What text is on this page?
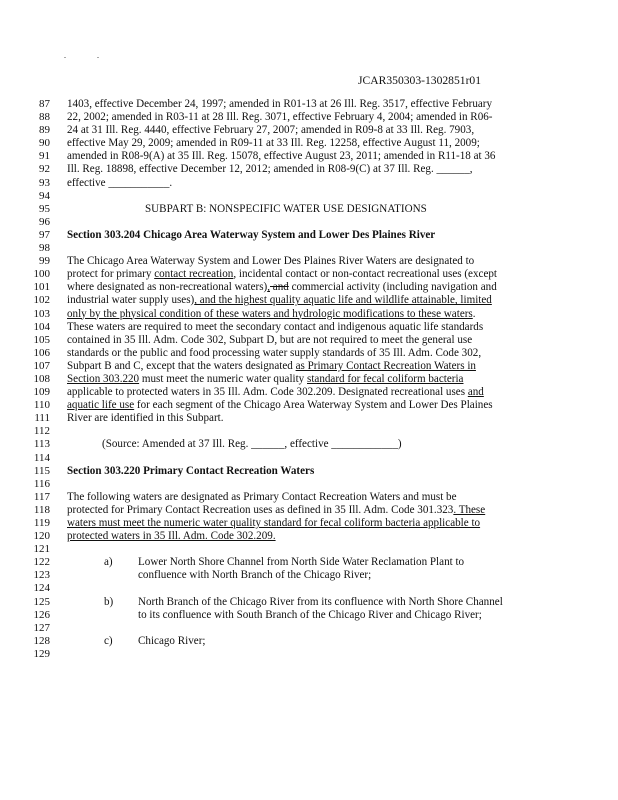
.	.
JCAR350303-1302851r01
87 1403, effective December 24, 1997; amended in R01-13 at 26 Ill. Reg. 3517, effective February
88 22, 2002; amended in R03-11 at 28 Ill. Reg. 3071, effective February 4, 2004; amended in R06-
89 24 at 31 Ill. Reg. 4440, effective February 27, 2007; amended in R09-8 at 33 Ill. Reg. 7903,
90 effective May 29, 2009; amended in R09-11 at 33 Ill. Reg. 12258, effective August 11, 2009;
91 amended in R08-9(A) at 35 Ill. Reg. 15078, effective August 23, 2011; amended in R11-18 at 36
92 Ill. Reg. 18898, effective December 12, 2012; amended in R08-9(C) at 37 Ill. Reg. ______,
93 effective ___________.
94
95	SUBPART B: NONSPECIFIC WATER USE DESIGNATIONS
96
97 Section 303.204 Chicago Area Waterway System and Lower Des Plaines River
98
99 The Chicago Area Waterway System and Lower Des Plaines River Waters are designated to
100 protect for primary contact recreation, incidental contact or non-contact recreational uses (except
101 where designated as non-recreational waters), and commercial activity (including navigation and
102 industrial water supply uses), and the highest quality aquatic life and wildlife attainable, limited
103 only by the physical condition of these waters and hydrologic modifications to these waters.
104 These waters are required to meet the secondary contact and indigenous aquatic life standards
105 contained in 35 Ill. Adm. Code 302, Subpart D, but are not required to meet the general use
106 standards or the public and food processing water supply standards of 35 Ill. Adm. Code 302,
107 Subpart B and C, except that the waters designated as Primary Contact Recreation Waters in
108 Section 303.220 must meet the numeric water quality standard for fecal coliform bacteria
109 applicable to protected waters in 35 Ill. Adm. Code 302.209. Designated recreational uses and
110 aquatic life use for each segment of the Chicago Area Waterway System and Lower Des Plaines
111 River are identified in this Subpart.
112
113	(Source: Amended at 37 Ill. Reg. ______, effective ____________)
114
115 Section 303.220 Primary Contact Recreation Waters
116
117 The following waters are designated as Primary Contact Recreation Waters and must be
118 protected for Primary Contact Recreation uses as defined in 35 Ill. Adm. Code 301.323. These
119 waters must meet the numeric water quality standard for fecal coliform bacteria applicable to
120 protected waters in 35 Ill. Adm. Code 302.209.
121
122	a) Lower North Shore Channel from North Side Water Reclamation Plant to
123	confluence with North Branch of the Chicago River;
124
125	b) North Branch of the Chicago River from its confluence with North Shore Channel
126	to its confluence with South Branch of the Chicago River and Chicago River;
127
128	c) Chicago River;
129
